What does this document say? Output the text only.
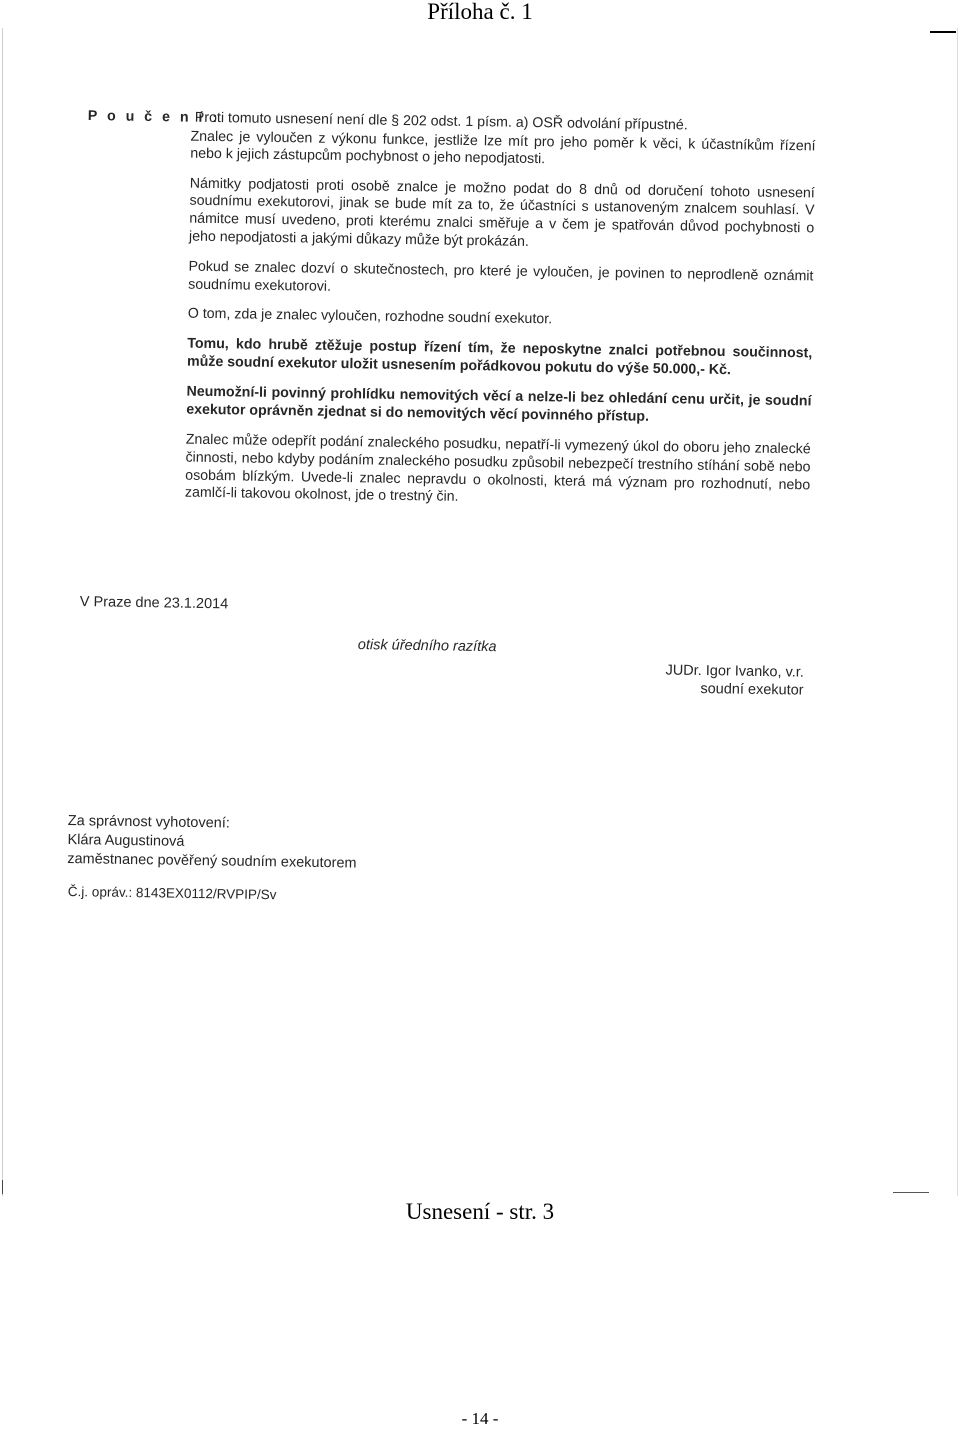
Příloha č. 1
P o u č e n í :
Proti tomuto usnesení není dle § 202 odst. 1 písm. a) OSŘ odvolání přípustné.
Znalec je vyloučen z výkonu funkce, jestliže lze mít pro jeho poměr k věci, k účastníkům řízení nebo k jejich zástupcům pochybnost o jeho nepodjatosti.
Námitky podjatosti proti osobě znalce je možno podat do 8 dnů od doručení tohoto usnesení soudnímu exekutorovi, jinak se bude mít za to, že účastníci s ustanoveným znalcem souhlasí. V námitce musí uvedeno, proti kterému znalci směřuje a v čem je spatřován důvod pochybnosti o jeho nepodjatosti a jakými důkazy může být prokázán.
Pokud se znalec dozví o skutečnostech, pro které je vyloučen, je povinen to neprodleně oznámit soudnímu exekutorovi.
O tom, zda je znalec vyloučen, rozhodne soudní exekutor.
Tomu, kdo hrubě ztěžuje postup řízení tím, že neposkytne znalci potřebnou součinnost, může soudní exekutor uložit usnesením pořádkovou pokutu do výše 50.000,- Kč.
Neumožní-li povinný prohlídku nemovitých věcí a nelze-li bez ohledání cenu určit, je soudní exekutor oprávněn zjednat si do nemovitých věcí povinného přístup.
Znalec může odepřít podání znaleckého posudku, nepatří-li vymezený úkol do oboru jeho znalecké činnosti, nebo kdyby podáním znaleckého posudku způsobil nebezpečí trestního stíhání sobě nebo osobám blízkým. Uvede-li znalec nepravdu o okolnosti, která má význam pro rozhodnutí, nebo zamlčí-li takovou okolnost, jde o trestný čin.
V Praze dne 23.1.2014
otisk úředního razítka
JUDr. Igor Ivanko, v.r.
soudní exekutor
Za správnost vyhotovení:
Klára Augustinová
zaměstnanec pověřený soudním exekutorem
Č.j. opráv.: 8143EX0112/RVPIP/Sv
Usnesení - str. 3
- 14 -
